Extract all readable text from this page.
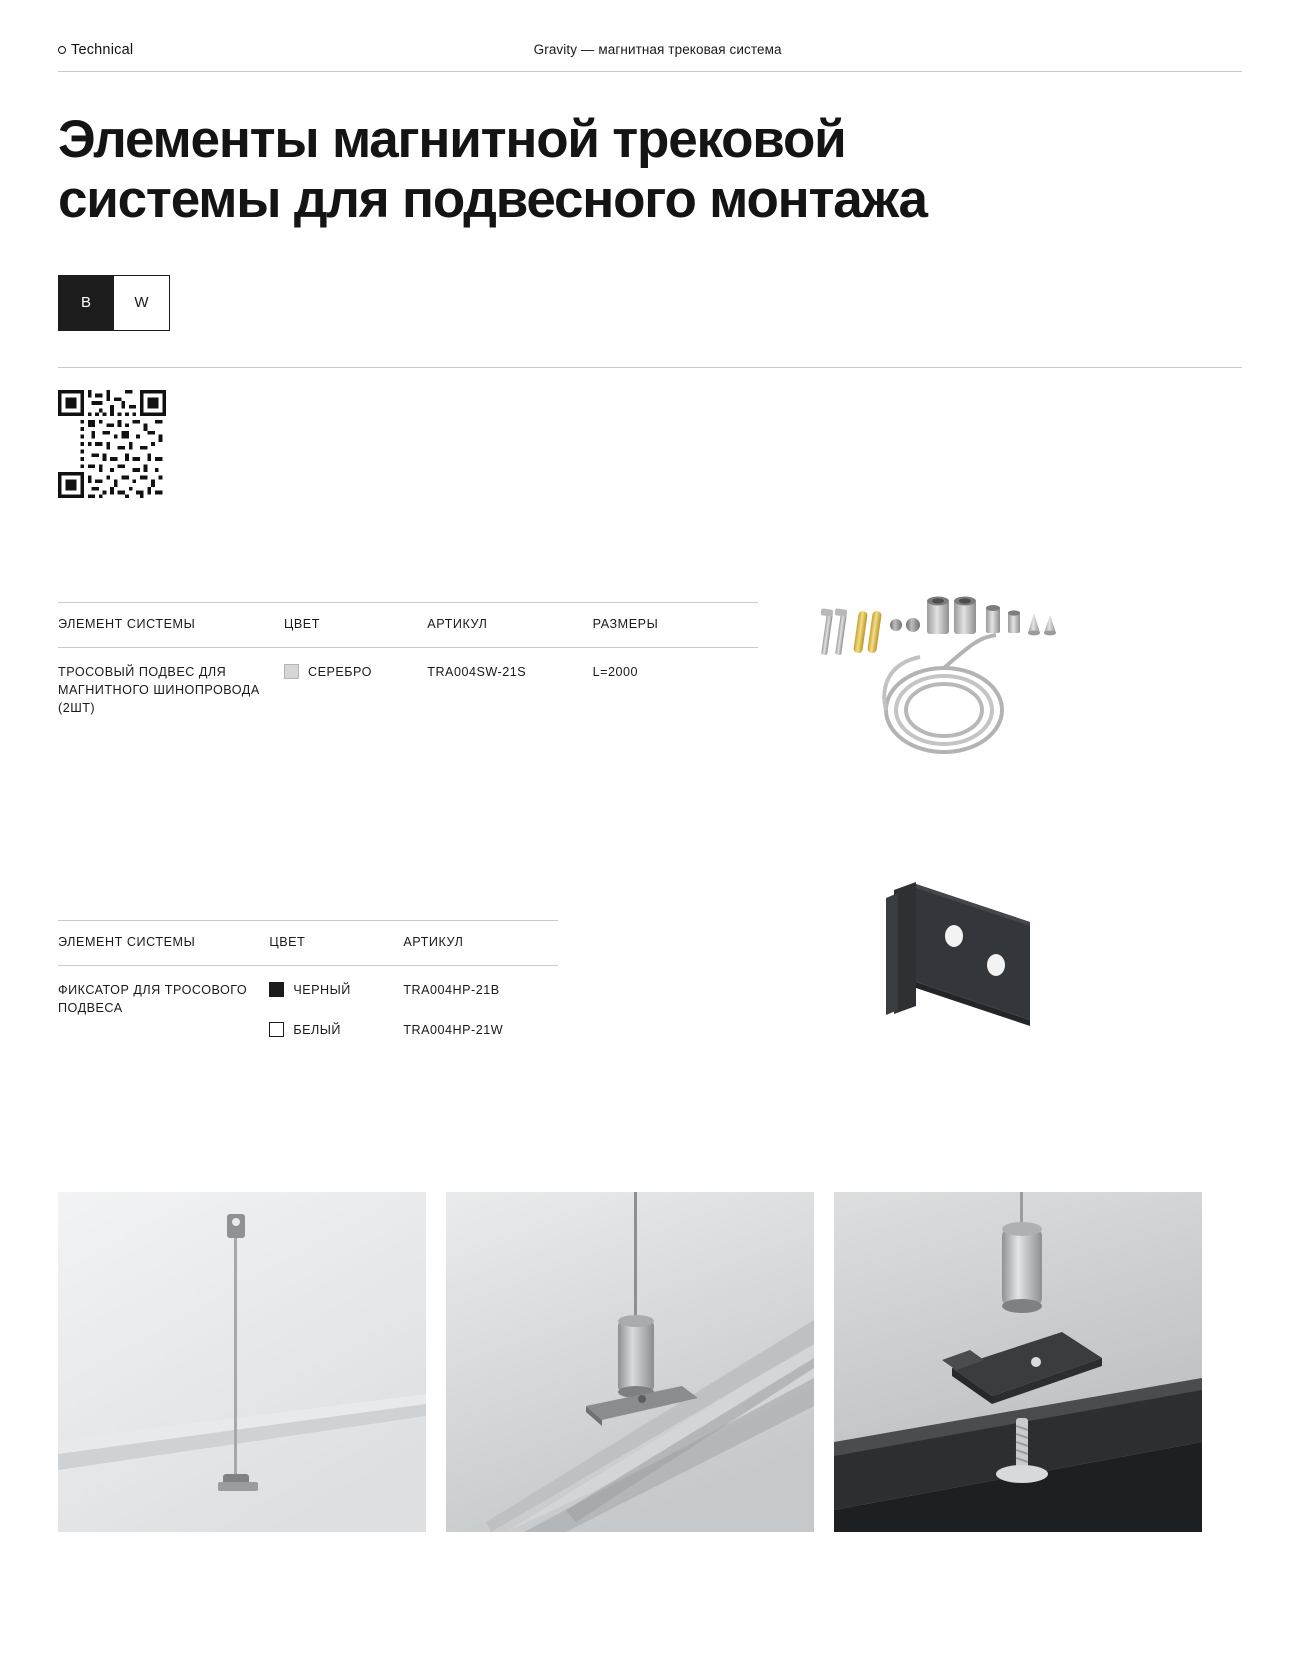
Technical	Gravity — магнитная трековая система
Элементы магнитной трековой системы для подвесного монтажа
B	W
ЭЛЕМЕНТ СИСТЕМЫ	ЦВЕТ	АРТИКУЛ	РАЗМЕРЫ
ТРОСОВЫЙ ПОДВЕС ДЛЯ МАГНИТНОГО ШИНОПРОВОДА (2ШТ)	СЕРЕБРО	TRA004SW-21S	L=2000
ЭЛЕМЕНТ СИСТЕМЫ	ЦВЕТ	АРТИКУЛ
ФИКСАТОР ДЛЯ ТРОСОВОГО ПОДВЕСА	ЧЕРНЫЙ	TRA004HP-21B

	БЕЛЫЙ	TRA004HP-21W
